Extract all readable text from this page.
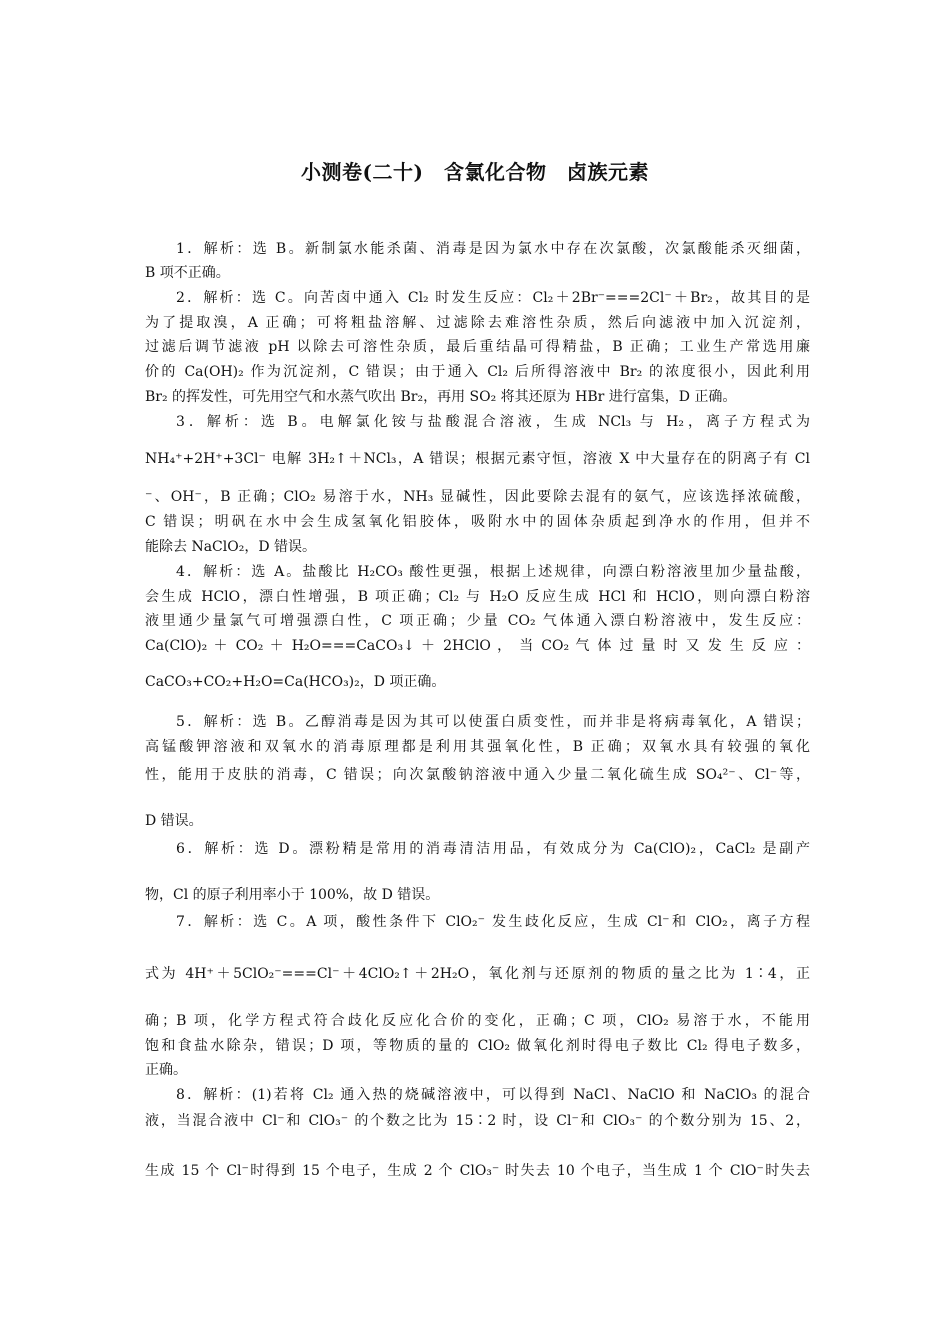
小测卷(二十)　含氯化合物　卤族元素
1．解析：选 B。新制氯水能杀菌、消毒是因为氯水中存在次氯酸，次氯酸能杀灭细菌，
B 项不正确。
2．解析：选 C。向苦卤中通入 Cl₂ 时发生反应：Cl₂＋2Br⁻===2Cl⁻＋Br₂，故其目的是
为了提取溴，A 正确；可将粗盐溶解、过滤除去难溶性杂质，然后向滤液中加入沉淀剂，
过滤后调节滤液 pH 以除去可溶性杂质，最后重结晶可得精盐，B 正确；工业生产常选用廉
价的 Ca(OH)₂ 作为沉淀剂，C 错误；由于通入 Cl₂ 后所得溶液中 Br₂ 的浓度很小，因此利用
Br₂ 的挥发性，可先用空气和水蒸气吹出 Br₂，再用 SO₂ 将其还原为 HBr 进行富集，D 正确。
3．解析：选 B。电解氯化铵与盐酸混合溶液，生成 NCl₃ 与 H₂，离子方程式为
NH₄⁺+2H⁺+3Cl⁻ 电解 3H₂↑＋NCl₃，A 错误；根据元素守恒，溶液 X 中大量存在的阴离子有 Cl
⁻、OH⁻，B 正确；ClO₂ 易溶于水，NH₃ 显碱性，因此要除去混有的氨气，应该选择浓硫酸，
C 错误；明矾在水中会生成氢氧化铝胶体，吸附水中的固体杂质起到净水的作用，但并不
能除去 NaClO₂，D 错误。
4．解析：选 A。盐酸比 H₂CO₃ 酸性更强，根据上述规律，向漂白粉溶液里加少量盐酸，
会生成 HClO，漂白性增强，B 项正确；Cl₂ 与 H₂O 反应生成 HCl 和 HClO，则向漂白粉溶
液里通少量氯气可增强漂白性，C 项正确；少量 CO₂ 气体通入漂白粉溶液中，发生反应：
Ca(ClO)₂ ＋ CO₂ ＋ H₂O===CaCO₃↓ ＋ 2HClO ， 当 CO₂ 气 体 过 量 时 又 发 生 反 应 ：
CaCO₃+CO₂+H₂O=Ca(HCO₃)₂，D 项正确。
5．解析：选 B。乙醇消毒是因为其可以使蛋白质变性，而并非是将病毒氧化，A 错误；
高锰酸钾溶液和双氧水的消毒原理都是利用其强氧化性，B 正确；双氧水具有较强的氧化
性，能用于皮肤的消毒，C 错误；向次氯酸钠溶液中通入少量二氧化硫生成 SO₄²⁻、Cl⁻等，
D 错误。
6．解析：选 D。漂粉精是常用的消毒清洁用品，有效成分为 Ca(ClO)₂，CaCl₂ 是副产
物，Cl 的原子利用率小于 100%，故 D 错误。
7．解析：选 C。A 项，酸性条件下 ClO₂⁻ 发生歧化反应，生成 Cl⁻和 ClO₂，离子方程
式为 4H⁺＋5ClO₂⁻===Cl⁻＋4ClO₂↑＋2H₂O，氧化剂与还原剂的物质的量之比为 1∶4，正
确；B 项，化学方程式符合歧化反应化合价的变化，正确；C 项，ClO₂ 易溶于水，不能用
饱和食盐水除杂，错误；D 项，等物质的量的 ClO₂ 做氧化剂时得电子数比 Cl₂ 得电子数多，
正确。
8．解析：(1)若将 Cl₂ 通入热的烧碱溶液中，可以得到 NaCl、NaClO 和 NaClO₃ 的混合
液，当混合液中 Cl⁻和 ClO₃⁻ 的个数之比为 15∶2 时，设 Cl⁻和 ClO₃⁻ 的个数分别为 15、2，
生成 15 个 Cl⁻时得到 15 个电子，生成 2 个 ClO₃⁻ 时失去 10 个电子，当生成 1 个 ClO⁻时失去
